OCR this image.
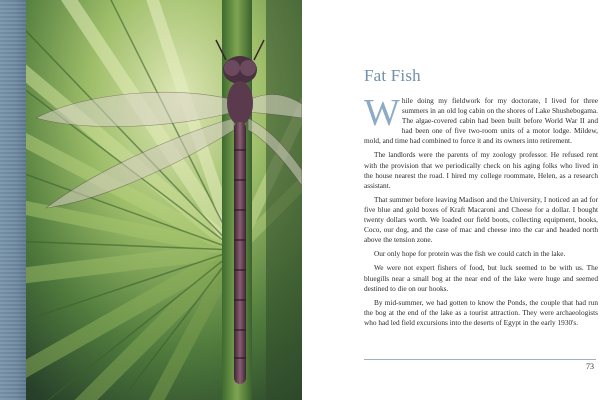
Fat Fish

While doing my fieldwork for my doctorate, I lived for three summers in an old log cabin on the shores of Lake Shushebogama. The algae-covered cabin had been built before World War II and had been one of five two-room units of a motor lodge. Mildew, mold, and time had combined to force it and its owners into retirement.

The landlords were the parents of my zoology professor. He refused rent with the provision that we periodically check on his aging folks who lived in the house nearest the road. I hired my college roommate, Helen, as a research assistant.

That summer before leaving Madison and the University, I noticed an ad for five blue and gold boxes of Kraft Macaroni and Cheese for a dollar. I bought twenty dollars worth. We loaded our field boots, collecting equipment, books, Coco, our dog, and the case of mac and cheese into the car and headed north above the tension zone.

Our only hope for protein was the fish we could catch in the lake.

We were not expert fishers of food, but luck seemed to be with us. The bluegills near a small bog at the near end of the lake were huge and seemed destined to die on our hooks.

By mid-summer, we had gotten to know the Ponds, the couple that had run the bog at the end of the lake as a tourist attraction. They were archaeologists who had led field excursions into the deserts of Egypt in the early 1930's.

73
